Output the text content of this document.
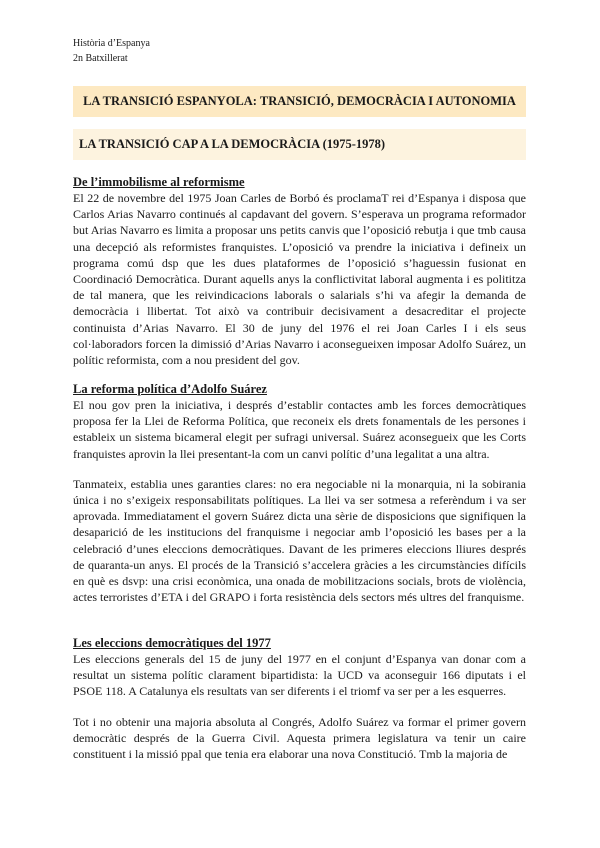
Història d’Espanya
2n Batxillerat
LA TRANSICIÓ ESPANYOLA: TRANSICIÓ, DEMOCRÀCIA I AUTONOMIA
LA TRANSICIÓ CAP A LA DEMOCRÀCIA (1975-1978)
De l’immobilisme al reformisme

El 22 de novembre del 1975 Joan Carles de Borbó és proclamaT rei d’Espanya i disposa que Carlos Arias Navarro continués al capdavant del govern. S’esperava un programa reformador but Arias Navarro es limita a proposar uns petits canvis que l’oposició rebutja i que tmb causa una decepció als reformistes franquistes. L’oposició va prendre la iniciativa i defineix un programa comú dsp que les dues plataformes de l’oposició s’haguessin fusionat en Coordinació Democràtica. Durant aquells anys la conflictivitat laboral augmenta i es polititza de tal manera, que les reivindicacions laborals o salarials s’hi va afegir la demanda de democràcia i llibertat. Tot això va contribuir decisivament a desacreditar el projecte continuista d’Arias Navarro. El 30 de juny del 1976 el rei Joan Carles I i els seus col·laboradors forcen la dimissió d’Arias Navarro i aconsegueixen imposar Adolfo Suárez, un polític reformista, com a nou president del gov.

La reforma política d’Adolfo Suárez

El nou gov pren la iniciativa, i després d’establir contactes amb les forces democràtiques proposa fer la Llei de Reforma Política, que reconeix els drets fonamentals de les persones i estableix un sistema bicameral elegit per sufragi universal. Suárez aconsegueix que les Corts franquistes aprovin la llei presentant-la com un canvi polític d’una legalitat a una altra.

Tanmateix, establia unes garanties clares: no era negociable ni la monarquia, ni la sobirania única i no s’exigeix responsabilitats polítiques. La llei va ser sotmesa a referèndum i va ser aprovada. Immediatament el govern Suárez dicta una sèrie de disposicions que signifiquen la desaparició de les institucions del franquisme i negociar amb l’oposició les bases per a la celebració d’unes eleccions democràtiques. Davant de les primeres eleccions lliures després de quaranta-un anys. El procés de la Transició s’accelera gràcies a les circumstàncies difícils en què es dsvp: una crisi econòmica, una onada de mobilitzacions socials, brots de violència, actes terroristes d’ETA i del GRAPO i forta resistència dels sectors més ultres del franquisme.

Les eleccions democràtiques del 1977

Les eleccions generals del 15 de juny del 1977 en el conjunt d’Espanya van donar com a resultat un sistema polític clarament bipartidista: la UCD va aconseguir 166 diputats i el PSOE 118. A Catalunya els resultats van ser diferents i el triomf va ser per a les esquerres.

Tot i no obtenir una majoria absoluta al Congrés, Adolfo Suárez va formar el primer govern democràtic després de la Guerra Civil. Aquesta primera legislatura va tenir un caire constituent i la missió ppal que tenia era elaborar una nova Constitució. Tmb la majoria de
